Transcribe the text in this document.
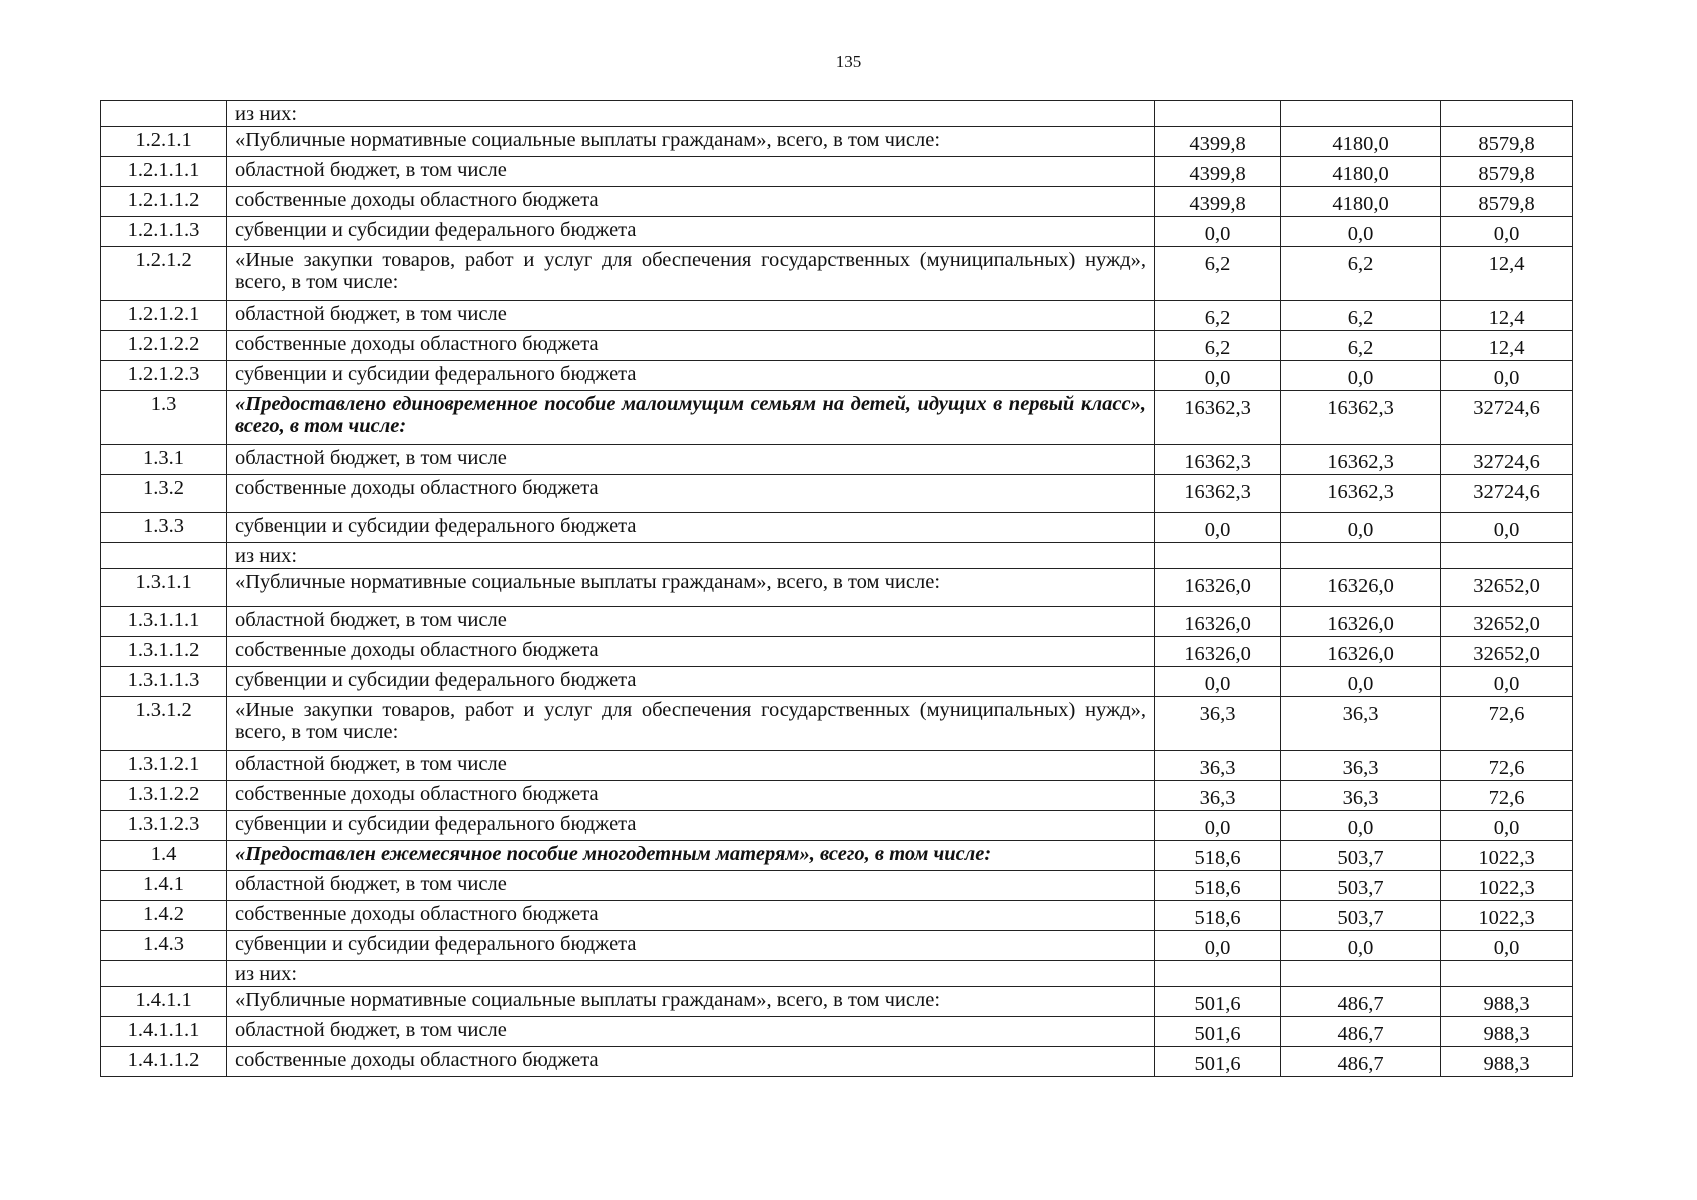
135
	из них:			
1.2.1.1	«Публичные нормативные социальные выплаты гражданам», всего, в том числе:	4399,8	4180,0	8579,8
1.2.1.1.1	областной бюджет, в том числе	4399,8	4180,0	8579,8
1.2.1.1.2	собственные доходы областного бюджета	4399,8	4180,0	8579,8
1.2.1.1.3	субвенции и субсидии федерального бюджета	0,0	0,0	0,0
1.2.1.2	«Иные закупки товаров, работ и услуг для обеспечения государственных (муниципальных) нужд», всего, в том числе:	6,2	6,2	12,4
1.2.1.2.1	областной бюджет, в том числе	6,2	6,2	12,4
1.2.1.2.2	собственные доходы областного бюджета	6,2	6,2	12,4
1.2.1.2.3	субвенции и субсидии федерального бюджета	0,0	0,0	0,0
1.3	«Предоставлено единовременное пособие малоимущим семьям на детей, идущих в первый класс», всего, в том числе:	16362,3	16362,3	32724,6
1.3.1	областной бюджет, в том числе	16362,3	16362,3	32724,6
1.3.2	собственные доходы областного бюджета	16362,3	16362,3	32724,6
1.3.3	субвенции и субсидии федерального бюджета	0,0	0,0	0,0
	из них:			
1.3.1.1	«Публичные нормативные социальные выплаты гражданам», всего, в том числе:	16326,0	16326,0	32652,0
1.3.1.1.1	областной бюджет, в том числе	16326,0	16326,0	32652,0
1.3.1.1.2	собственные доходы областного бюджета	16326,0	16326,0	32652,0
1.3.1.1.3	субвенции и субсидии федерального бюджета	0,0	0,0	0,0
1.3.1.2	«Иные закупки товаров, работ и услуг для обеспечения государственных (муниципальных) нужд», всего, в том числе:	36,3	36,3	72,6
1.3.1.2.1	областной бюджет, в том числе	36,3	36,3	72,6
1.3.1.2.2	собственные доходы областного бюджета	36,3	36,3	72,6
1.3.1.2.3	субвенции и субсидии федерального бюджета	0,0	0,0	0,0
1.4	«Предоставлен ежемесячное пособие многодетным матерям», всего, в том числе:	518,6	503,7	1022,3
1.4.1	областной бюджет, в том числе	518,6	503,7	1022,3
1.4.2	собственные доходы областного бюджета	518,6	503,7	1022,3
1.4.3	субвенции и субсидии федерального бюджета	0,0	0,0	0,0
	из них:			
1.4.1.1	«Публичные нормативные социальные выплаты гражданам», всего, в том числе:	501,6	486,7	988,3
1.4.1.1.1	областной бюджет, в том числе	501,6	486,7	988,3
1.4.1.1.2	собственные доходы областного бюджета	501,6	486,7	988,3
